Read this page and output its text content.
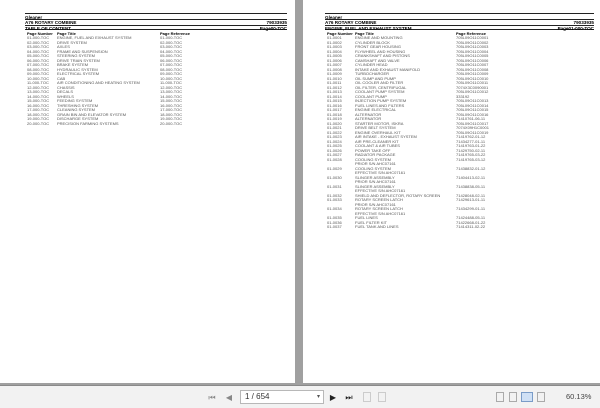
Gleaner
A76 ROTARY COMBINE	79033935
TABLE OF CONTENT	Page00-TOC
Page Number	Page Title	Page Reference
01-000-TOC	ENGINE, FUEL AND EXHAUST SYSTEM	01-000-TOC
02-000-TOC	DRIVE SYSTEM	02-000-TOC
03-000-TOC	AXLES	03-000-TOC
04-000-TOC	FRAME AND SUSPENSION	04-000-TOC
05-000-TOC	STEERING SYSTEM	05-000-TOC
06-000-TOC	DRIVE TRAIN SYSTEM	06-000-TOC
07-000-TOC	BRAKE SYSTEM	07-000-TOC
08-000-TOC	HYDRAULIC SYSTEM	08-000-TOC
09-000-TOC	ELECTRICAL SYSTEM	09-000-TOC
10-000-TOC	CAB	10-000-TOC
11-000-TOC	AIR CONDITIONING AND HEATING SYSTEM	11-000-TOC
12-000-TOC	CHASSIS	12-000-TOC
13-000-TOC	DECALS	13-000-TOC
14-000-TOC	WHEELS	14-000-TOC
15-000-TOC	FEEDING SYSTEM	15-000-TOC
16-000-TOC	THRESHING SYSTEM	16-000-TOC
17-000-TOC	CLEANING SYSTEM	17-000-TOC
18-000-TOC	GRAIN BIN AND ELEVATOR SYSTEM	18-000-TOC
19-000-TOC	DISCHARGE SYSTEM	19-000-TOC
20-000-TOC	PRECISION FARMING SYSTEMS	20-000-TOC
Gleaner
A76 ROTARY COMBINE	79033935
ENGINE, FUEL AND EXHAUST SYSTEM	Page01-000-TOC
Page Number Page Title	Page Reference
01-0001	ENGINE AND MOUNTING	705L09O11C0001
01-0002	CYLINDER BLOCK	705L09O11C0002
01-0003	FRONT GEAR HOUSING	705L09O11C0003
01-0004	FLYWHEEL AND HOUSING	705L09O11C0004
01-0005	CRANKSHAFT AND PISTONS	705L09O11C0005
01-0006	CAMSHAFT AND VALVE	705L09O11C0006
01-0007	CYLINDER HEAD	705L09O11C0007
01-0008	INTAKE AND EXHAUST MANIFOLD	705L09O11C0008
01-0009	TURBOCHARGER	705L09O11C0009
01-0010	OIL SUMP AND PUMP	705L09O11C0010
01-0011	OIL COOLER AND FILTER	705L09O11C0011
01-0012	OIL FILTER, CENTRIFUGAL	7074X3C0090001
01-0013	COOLANT PUMP SYSTEM	705L09O11C0012
01-0014	COOLANT PUMP	333192
01-0015	INJECTION PUMP SYSTEM	705L09O11C0013
01-0016	FUEL LINES AND FILTERS	705L09O11C0014
01-0017	ENGINE ELECTRICAL	705L09O11C0015
01-0018	ALTERNATOR	705L09O11C0016
01-0019	ALTERNATOR	71410761-06-11
01-0020	STARTER MOTOR, ISKRA	705L09O11C0017
01-0021	DRIVE BELT SYSTEM	7074X09H1C0001
01-0022	ENGINE OVERHAUL KIT	705L09O11C0019
01-0023	AIR INTAKE - EXHAUST SYSTEM	71419762-01-12
01-0024	AIR PRE-CLEANER KIT	71434277-01-11
01-0025	COOLANT & AIR TUBES	71419763-01-22
01-0026	POWER TAKE OFF	71429750-02-11
01-0027	RADIATOR PACKAGE	71419765-03-22
01-0028	COOLING SYSTEM	71419765-03-12
PRIOR S/N AHC07161
01-0029	COOLING SYSTEM	71438832-01-12
EFFECTIVE S/N AHC07161
01-0030	SLINGER ASSEMBLY	71404413-02-11
PRIOR S/N AHC07161
01-0031	SLINGER ASSEMBLY	71438838-05-11
EFFECTIVE S/N AHC07161
01-0032	SHIELD AND DEFLECTOR, ROTARY SCREEN	71428048-02-11
01-0033	ROTARY SCREEN LATCH	71429613-01-11
PRIOR S/N AHC07161
01-0034	ROTARY SCREEN LATCH	71434299-01-11
EFFECTIVE S/N AHC07161
01-0035	FUEL LINES	71424488-05-11
01-0036	FUEL FILTER KIT	71422668-01-22
01-0037	FUEL TANK AND LINES	71414311-02-22
⏮ ◀	1 / 654	▾ ▶ ⏭	60.13%
